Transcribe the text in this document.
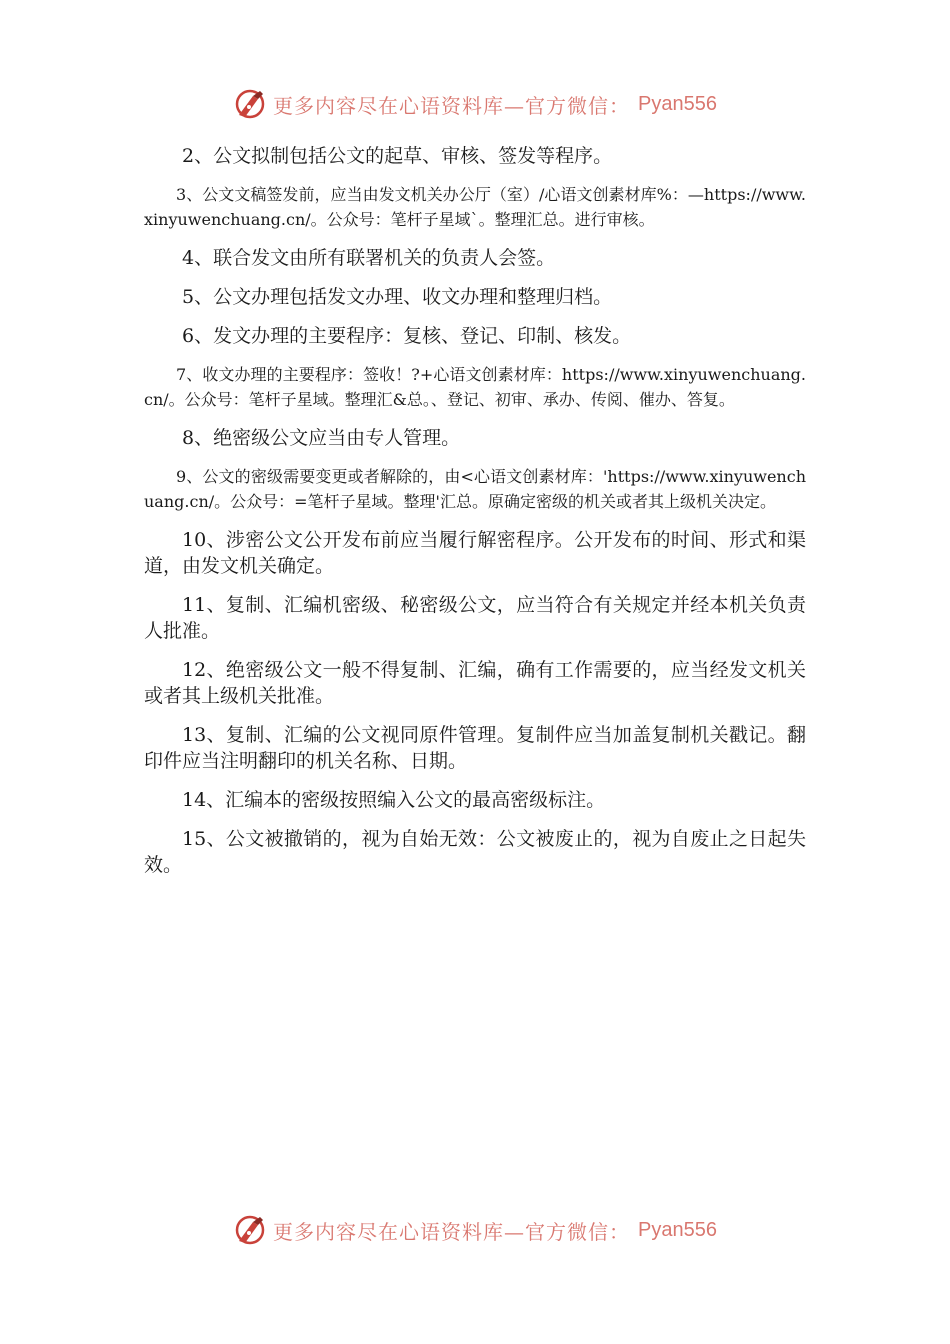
更多内容尽在心语资料库—官方微信： Pyan556

2、公文拟制包括公文的起草、审核、签发等程序。

3、公文文稿签发前，应当由发文机关办公厅（室）/心语文创素材库%：—https://www.xinyuwenchuang.cn/。公众号：笔杆子星域`。整理汇总。进行审核。

4、联合发文由所有联署机关的负责人会签。

5、公文办理包括发文办理、收文办理和整理归档。

6、发文办理的主要程序：复核、登记、印制、核发。

7、收文办理的主要程序：签收！?+心语文创素材库：https://www.xinyuwenchuang.cn/。公众号：笔杆子星域。整理汇&总。、登记、初审、承办、传阅、催办、答复。

8、绝密级公文应当由专人管理。

9、公文的密级需要变更或者解除的，由<心语文创素材库：'https://www.xinyuwenchuang.cn/。公众号：=笔杆子星域。整理'汇总。原确定密级的机关或者其上级机关决定。

10、涉密公文公开发布前应当履行解密程序。公开发布的时间、形式和渠道，由发文机关确定。

11、复制、汇编机密级、秘密级公文，应当符合有关规定并经本机关负责人批准。

12、绝密级公文一般不得复制、汇编，确有工作需要的，应当经发文机关或者其上级机关批准。

13、复制、汇编的公文视同原件管理。复制件应当加盖复制机关戳记。翻印件应当注明翻印的机关名称、日期。

14、汇编本的密级按照编入公文的最高密级标注。

15、公文被撤销的，视为自始无效：公文被废止的，视为自废止之日起失效。

更多内容尽在心语资料库—官方微信： Pyan556
